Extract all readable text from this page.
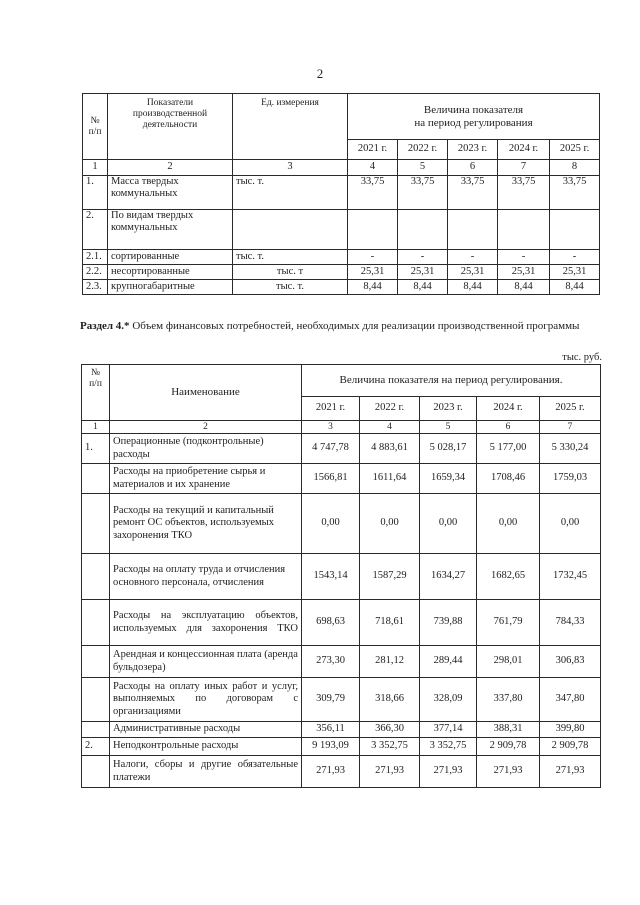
2
№
п/п	Показатели производственной деятельности	Ед. измерения	Величина показателя
на период регулирования				
			2021 г.	2022 г.	2023 г.	2024 г.	2025 г.
1	2	3	4	5	6	7	8
1.	Масса твердых коммунальных	тыс. т.	33,75	33,75	33,75	33,75	33,75
2.	По видам твердых коммунальных						
2.1.	сортированные	тыс. т.	-	-	-	-	-
2.2.	несортированные	тыс. т	25,31	25,31	25,31	25,31	25,31
2.3.	крупногабаритные	тыс. т.	8,44	8,44	8,44	8,44	8,44
Раздел 4.* Объем финансовых потребностей, необходимых для реализации производственной программы
тыс. руб.
№
п/п	Наименование	Величина показателя на период регулирования.				
		2021 г.	2022 г.	2023 г.	2024 г.	2025 г.
1	2	3	4	5	6	7
1.	Операционные (подконтрольные) расходы	4 747,78	4 883,61	5 028,17	5 177,00	5 330,24
	Расходы на приобретение сырья и материалов и их хранение	1566,81	1611,64	1659,34	1708,46	1759,03
	Расходы на текущий и капитальный ремонт ОС объектов, используемых захоронения ТКО	0,00	0,00	0,00	0,00	0,00
	Расходы на оплату труда и отчисления основного персонала, отчисления	1543,14	1587,29	1634,27	1682,65	1732,45
	Расходы на эксплуатацию объектов, используемых для захоронения ТКО	698,63	718,61	739,88	761,79	784,33
	Арендная и концессионная плата (аренда бульдозера)	273,30	281,12	289,44	298,01	306,83
	Расходы на оплату иных работ и услуг, выполняемых по договорам с организациями	309,79	318,66	328,09	337,80	347,80
	Административные расходы	356,11	366,30	377,14	388,31	399,80
2.	Неподконтрольные расходы	9 193,09	3 352,75	3 352,75	2 909,78	2 909,78
	Налоги, сборы и другие обязательные платежи	271,93	271,93	271,93	271,93	271,93
